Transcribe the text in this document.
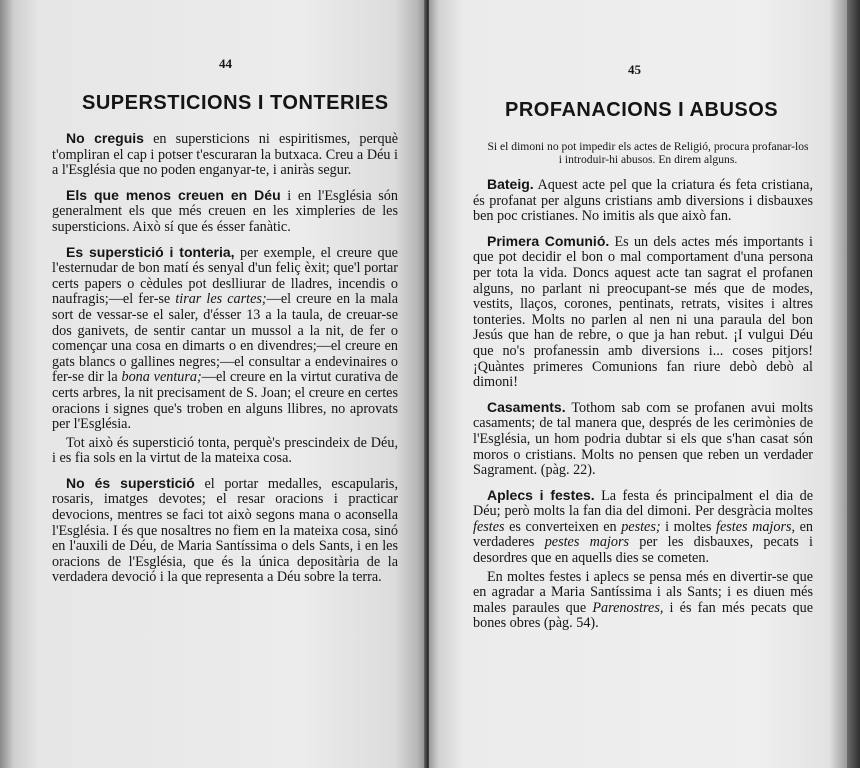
44
SUPERSTICIONS I TONTERIES

No creguis en supersticions ni espiritismes, perquè t'ompliran el cap i potser t'escuraran la butxaca. Creu a Déu i a l'Església que no poden enganyar-te, i aniràs segur.

Els que menos creuen en Déu i en l'Església són generalment els que més creuen en les ximpleries de les supersticions. Això sí que és ésser fanàtic.

Es superstició i tonteria, per exemple, el creure que l'esternudar de bon matí és senyal d'un feliç èxit; que'l portar certs papers o cèdules pot deslliurar de lladres, incendis o naufragis;—el fer-se tirar les cartes;—el creure en la mala sort de vessar-se el saler, d'ésser 13 a la taula, de creuar-se dos ganivets, de sentir cantar un mussol a la nit, de fer o començar una cosa en dimarts o en divendres;—el creure en gats blancs o gallines negres;—el consultar a endevinaires o fer-se dir la bona ventura;—el creure en la virtut curativa de certs arbres, la nit precisament de S. Joan; el creure en certes oracions i signes que's troben en alguns llibres, no aprovats per l'Església.

Tot això és superstició tonta, perquè's prescindeix de Déu, i es fia sols en la virtut de la mateixa cosa.

No és superstició el portar medalles, escapularis, rosaris, imatges devotes; el resar oracions i practicar devocions, mentres se faci tot això segons mana o aconsella l'Església. I és que nosaltres no fiem en la mateixa cosa, sinó en l'auxili de Déu, de Maria Santíssima o dels Sants, i en les oracions de l'Església, que és la única depositària de la verdadera devoció i la que representa a Déu sobre la terra.

45
PROFANACIONS I ABUSOS
Si el dimoni no pot impedir els actes de Religió, procura profanar-los i introduir-hi abusos. En direm alguns.

Bateig. Aquest acte pel que la criatura és feta cristiana, és profanat per alguns cristians amb diversions i disbauxes ben poc cristianes. No imitis als que això fan.

Primera Comunió. Es un dels actes més importants i que pot decidir el bon o mal comportament d'una persona per tota la vida. Doncs aquest acte tan sagrat el profanen alguns, no parlant ni preocupant-se més que de modes, vestits, llaços, corones, pentinats, retrats, visites i altres tonteries. Molts no parlen al nen ni una paraula del bon Jesús que han de rebre, o que ja han rebut. ¡I vulgui Déu que no's profanessin amb diversions i... coses pitjors! ¡Quàntes primeres Comunions fan riure debò debò al dimoni!

Casaments. Tothom sab com se profanen avui molts casaments; de tal manera que, després de les cerimònies de l'Església, un hom podria dubtar si els que s'han casat són moros o cristians. Molts no pensen que reben un verdader Sagrament. (pàg. 22).

Aplecs i festes. La festa és principalment el dia de Déu; però molts la fan dia del dimoni. Per desgràcia moltes festes es converteixen en pestes; i moltes festes majors, en verdaderes pestes majors per les disbauxes, pecats i desordres que en aquells dies se cometen.

En moltes festes i aplecs se pensa més en divertir-se que en agradar a Maria Santíssima i als Sants; i es diuen més males paraules que Parenostres, i és fan més pecats que bones obres (pàg. 54).
